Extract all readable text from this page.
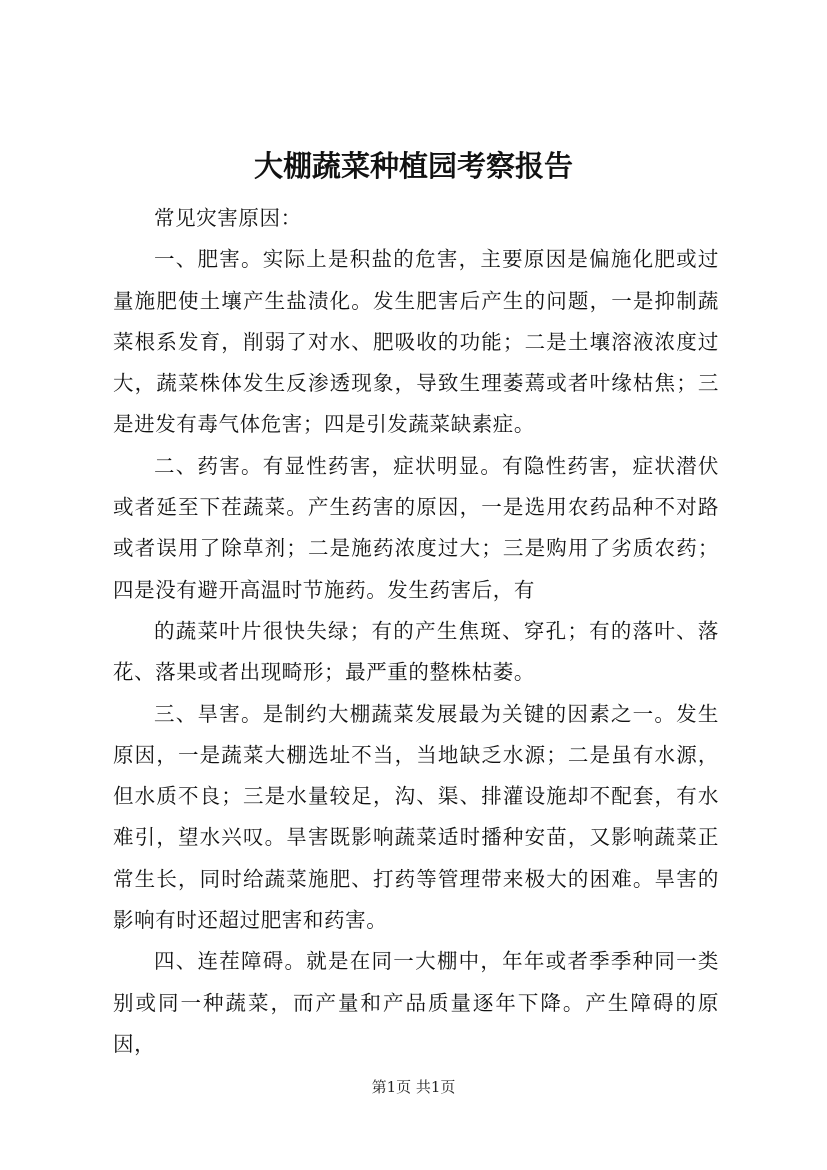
大棚蔬菜种植园考察报告

常见灾害原因：

一、肥害。实际上是积盐的危害，主要原因是偏施化肥或过量施肥使土壤产生盐渍化。发生肥害后产生的问题，一是抑制蔬菜根系发育，削弱了对水、肥吸收的功能；二是土壤溶液浓度过大，蔬菜株体发生反渗透现象，导致生理萎蔫或者叶缘枯焦；三是进发有毒气体危害；四是引发蔬菜缺素症。

二、药害。有显性药害，症状明显。有隐性药害，症状潜伏或者延至下茬蔬菜。产生药害的原因，一是选用农药品种不对路或者误用了除草剂；二是施药浓度过大；三是购用了劣质农药；四是没有避开高温时节施药。发生药害后，有

的蔬菜叶片很快失绿；有的产生焦斑、穿孔；有的落叶、落花、落果或者出现畸形；最严重的整株枯萎。

三、旱害。是制约大棚蔬菜发展最为关键的因素之一。发生原因，一是蔬菜大棚选址不当，当地缺乏水源；二是虽有水源，但水质不良；三是水量较足，沟、渠、排灌设施却不配套，有水难引，望水兴叹。旱害既影响蔬菜适时播种安苗，又影响蔬菜正常生长，同时给蔬菜施肥、打药等管理带来极大的困难。旱害的影响有时还超过肥害和药害。

四、连茬障碍。就是在同一大棚中，年年或者季季种同一类别或同一种蔬菜，而产量和产品质量逐年下降。产生障碍的原因，

第1页 共1页
